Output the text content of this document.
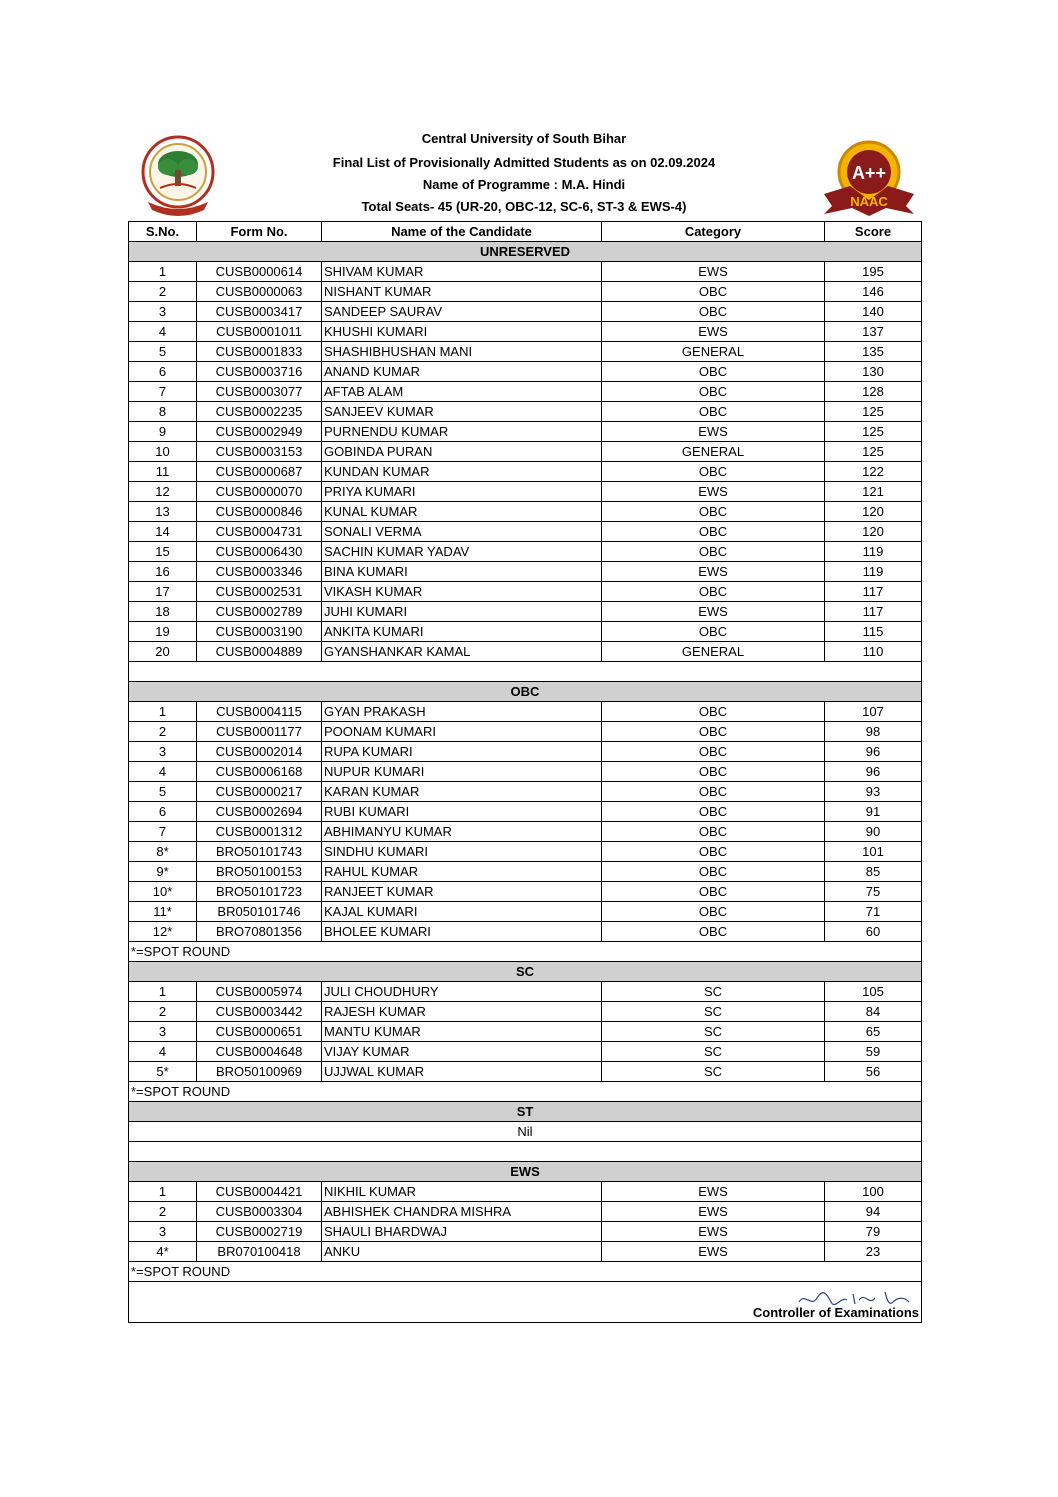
Central University of South Bihar
Final List of Provisionally Admitted Students as on 02.09.2024
Name of Programme : M.A. Hindi
Total Seats- 45 (UR-20, OBC-12, SC-6, ST-3 & EWS-4)
A++
NAAC
S.No.	Form No.	Name of the Candidate	Category	Score
UNRESERVED				
1	CUSB0000614	SHIVAM KUMAR	EWS	195
2	CUSB0000063	NISHANT KUMAR	OBC	146
3	CUSB0003417	SANDEEP SAURAV	OBC	140
4	CUSB0001011	KHUSHI KUMARI	EWS	137
5	CUSB0001833	SHASHIBHUSHAN MANI	GENERAL	135
6	CUSB0003716	ANAND KUMAR	OBC	130
7	CUSB0003077	AFTAB ALAM	OBC	128
8	CUSB0002235	SANJEEV KUMAR	OBC	125
9	CUSB0002949	PURNENDU KUMAR	EWS	125
10	CUSB0003153	GOBINDA PURAN	GENERAL	125
11	CUSB0000687	KUNDAN KUMAR	OBC	122
12	CUSB0000070	PRIYA KUMARI	EWS	121
13	CUSB0000846	KUNAL KUMAR	OBC	120
14	CUSB0004731	SONALI VERMA	OBC	120
15	CUSB0006430	SACHIN KUMAR YADAV	OBC	119
16	CUSB0003346	BINA KUMARI	EWS	119
17	CUSB0002531	VIKASH KUMAR	OBC	117
18	CUSB0002789	JUHI KUMARI	EWS	117
19	CUSB0003190	ANKITA KUMARI	OBC	115
20	CUSB0004889	GYANSHANKAR KAMAL	GENERAL	110

OBC				
1	CUSB0004115	GYAN PRAKASH	OBC	107
2	CUSB0001177	POONAM KUMARI	OBC	98
3	CUSB0002014	RUPA KUMARI	OBC	96
4	CUSB0006168	NUPUR KUMARI	OBC	96
5	CUSB0000217	KARAN KUMAR	OBC	93
6	CUSB0002694	RUBI KUMARI	OBC	91
7	CUSB0001312	ABHIMANYU KUMAR	OBC	90
8*	BRO50101743	SINDHU KUMARI	OBC	101
9*	BRO50100153	RAHUL KUMAR	OBC	85
10*	BRO50101723	RANJEET KUMAR	OBC	75
11*	BR050101746	KAJAL KUMARI	OBC	71
12*	BRO70801356	BHOLEE KUMARI	OBC	60
*=SPOT ROUND				
SC				
1	CUSB0005974	JULI CHOUDHURY	SC	105
2	CUSB0003442	RAJESH KUMAR	SC	84
3	CUSB0000651	MANTU KUMAR	SC	65
4	CUSB0004648	VIJAY KUMAR	SC	59
5*	BRO50100969	UJJWAL KUMAR	SC	56
*=SPOT ROUND				
ST				
Nil				

EWS				
1	CUSB0004421	NIKHIL KUMAR	EWS	100
2	CUSB0003304	ABHISHEK CHANDRA MISHRA	EWS	94
3	CUSB0002719	SHAULI BHARDWAJ	EWS	79
4*	BR070100418	ANKU	EWS	23
*=SPOT ROUND				

Controller of Examinations				
